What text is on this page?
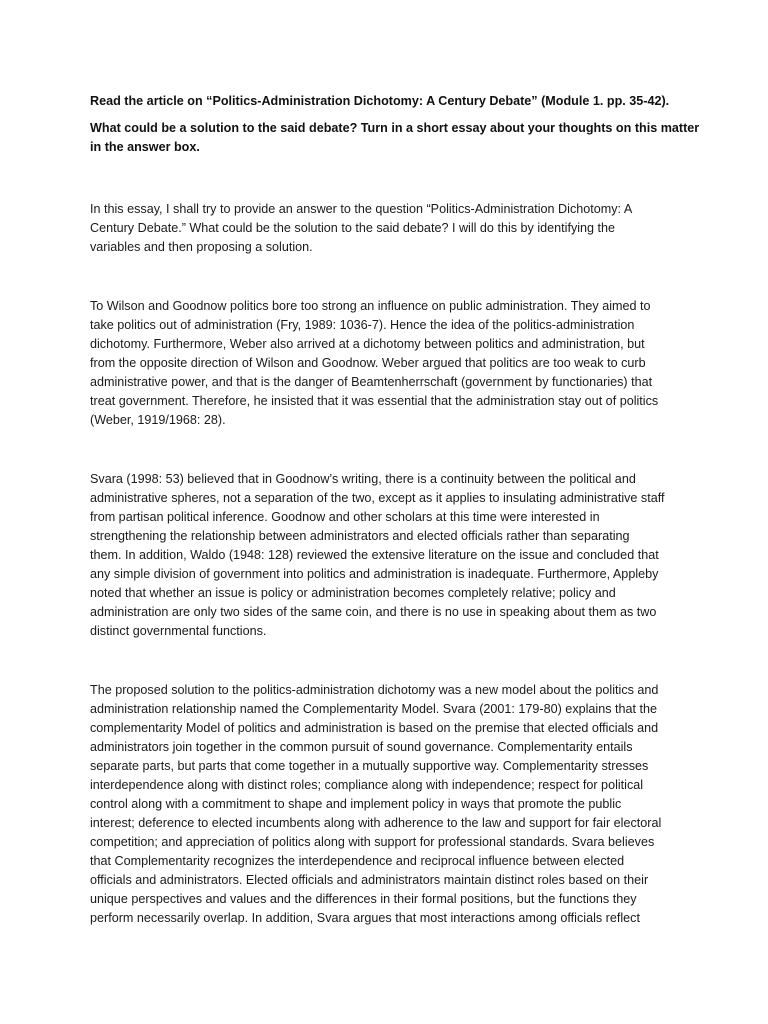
Read the article on “Politics-Administration Dichotomy: A Century Debate” (Module 1. pp. 35-42).
What could be a solution to the said debate? Turn in a short essay about your thoughts on this matter
in the answer box.
In this essay, I shall try to provide an answer to the question “Politics-Administration Dichotomy: A
Century Debate.” What could be the solution to the said debate? I will do this by identifying the
variables and then proposing a solution.
To Wilson and Goodnow politics bore too strong an influence on public administration. They aimed to
take politics out of administration (Fry, 1989: 1036-7). Hence the idea of the politics-administration
dichotomy. Furthermore, Weber also arrived at a dichotomy between politics and administration, but
from the opposite direction of Wilson and Goodnow. Weber argued that politics are too weak to curb
administrative power, and that is the danger of Beamtenherrschaft (government by functionaries) that
treat government. Therefore, he insisted that it was essential that the administration stay out of politics
(Weber, 1919/1968: 28).
Svara (1998: 53) believed that in Goodnow’s writing, there is a continuity between the political and
administrative spheres, not a separation of the two, except as it applies to insulating administrative staff
from partisan political inference. Goodnow and other scholars at this time were interested in
strengthening the relationship between administrators and elected officials rather than separating
them. In addition, Waldo (1948: 128) reviewed the extensive literature on the issue and concluded that
any simple division of government into politics and administration is inadequate. Furthermore, Appleby
noted that whether an issue is policy or administration becomes completely relative; policy and
administration are only two sides of the same coin, and there is no use in speaking about them as two
distinct governmental functions.
The proposed solution to the politics-administration dichotomy was a new model about the politics and
administration relationship named the Complementarity Model. Svara (2001: 179-80) explains that the
complementarity Model of politics and administration is based on the premise that elected officials and
administrators join together in the common pursuit of sound governance. Complementarity entails
separate parts, but parts that come together in a mutually supportive way. Complementarity stresses
interdependence along with distinct roles; compliance along with independence; respect for political
control along with a commitment to shape and implement policy in ways that promote the public
interest; deference to elected incumbents along with adherence to the law and support for fair electoral
competition; and appreciation of politics along with support for professional standards. Svara believes
that Complementarity recognizes the interdependence and reciprocal influence between elected
officials and administrators. Elected officials and administrators maintain distinct roles based on their
unique perspectives and values and the differences in their formal positions, but the functions they
perform necessarily overlap. In addition, Svara argues that most interactions among officials reflect
